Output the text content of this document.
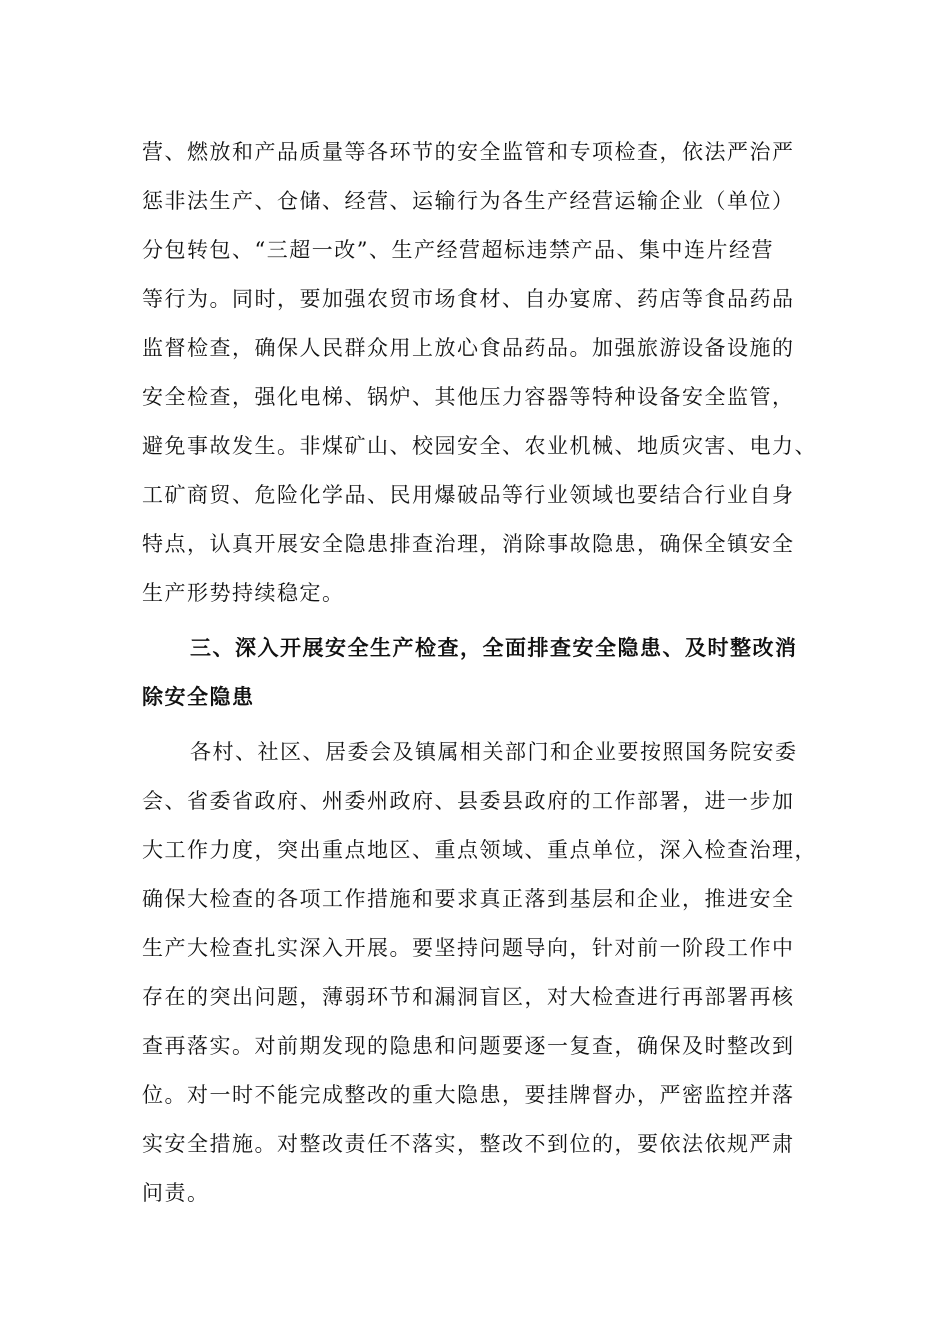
营、燃放和产品质量等各环节的安全监管和专项检查，依法严治严
惩非法生产、仓储、经营、运输行为各生产经营运输企业（单位）
分包转包、“三超一改”、生产经营超标违禁产品、集中连片经营
等行为。同时，要加强农贸市场食材、自办宴席、药店等食品药品
监督检查，确保人民群众用上放心食品药品。加强旅游设备设施的
安全检查，强化电梯、锅炉、其他压力容器等特种设备安全监管，
避免事故发生。非煤矿山、校园安全、农业机械、地质灾害、电力、
工矿商贸、危险化学品、民用爆破品等行业领域也要结合行业自身
特点，认真开展安全隐患排查治理，消除事故隐患，确保全镇安全
生产形势持续稳定。
三、深入开展安全生产检查，全面排查安全隐患、及时整改消
除安全隐患
各村、社区、居委会及镇属相关部门和企业要按照国务院安委
会、省委省政府、州委州政府、县委县政府的工作部署，进一步加
大工作力度，突出重点地区、重点领域、重点单位，深入检查治理，
确保大检查的各项工作措施和要求真正落到基层和企业，推进安全
生产大检查扎实深入开展。要坚持问题导向，针对前一阶段工作中
存在的突出问题，薄弱环节和漏洞盲区，对大检查进行再部署再核
查再落实。对前期发现的隐患和问题要逐一复查，确保及时整改到
位。对一时不能完成整改的重大隐患，要挂牌督办，严密监控并落
实安全措施。对整改责任不落实，整改不到位的，要依法依规严肃
问责。
